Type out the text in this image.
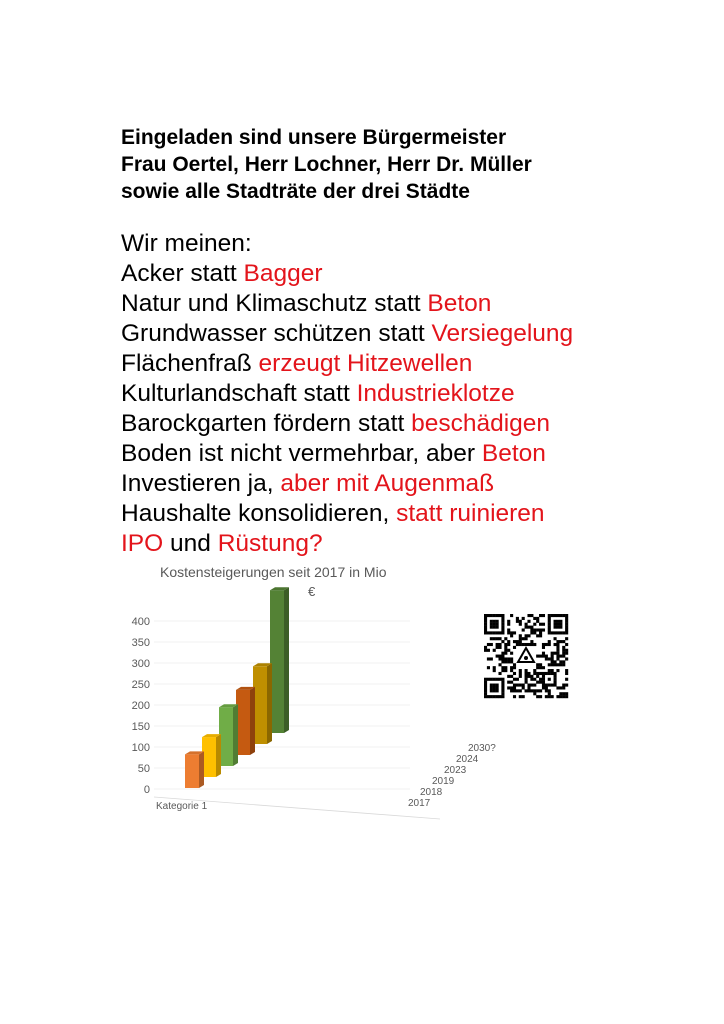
Eingeladen sind unsere Bürgermeister
Frau Oertel, Herr Lochner, Herr Dr. Müller
sowie alle Stadträte der drei Städte
Wir meinen:
Acker statt Bagger
Natur und Klimaschutz statt Beton
Grundwasser schützen statt Versiegelung
Flächenfraß erzeugt Hitzewellen
Kulturlandschaft statt Industrieklotze
Barockgarten fördern statt beschädigen
Boden ist nicht vermehrbar, aber Beton
Investieren ja, aber mit Augenmaß
Haushalte konsolidieren, statt ruinieren
IPO und Rüstung?
Kostensteigerungen seit 2017 in Mio
€
0
50
100
150
200
250
300
350
400
2017
2018
2019
2023
2024
2030?
Kategorie 1
